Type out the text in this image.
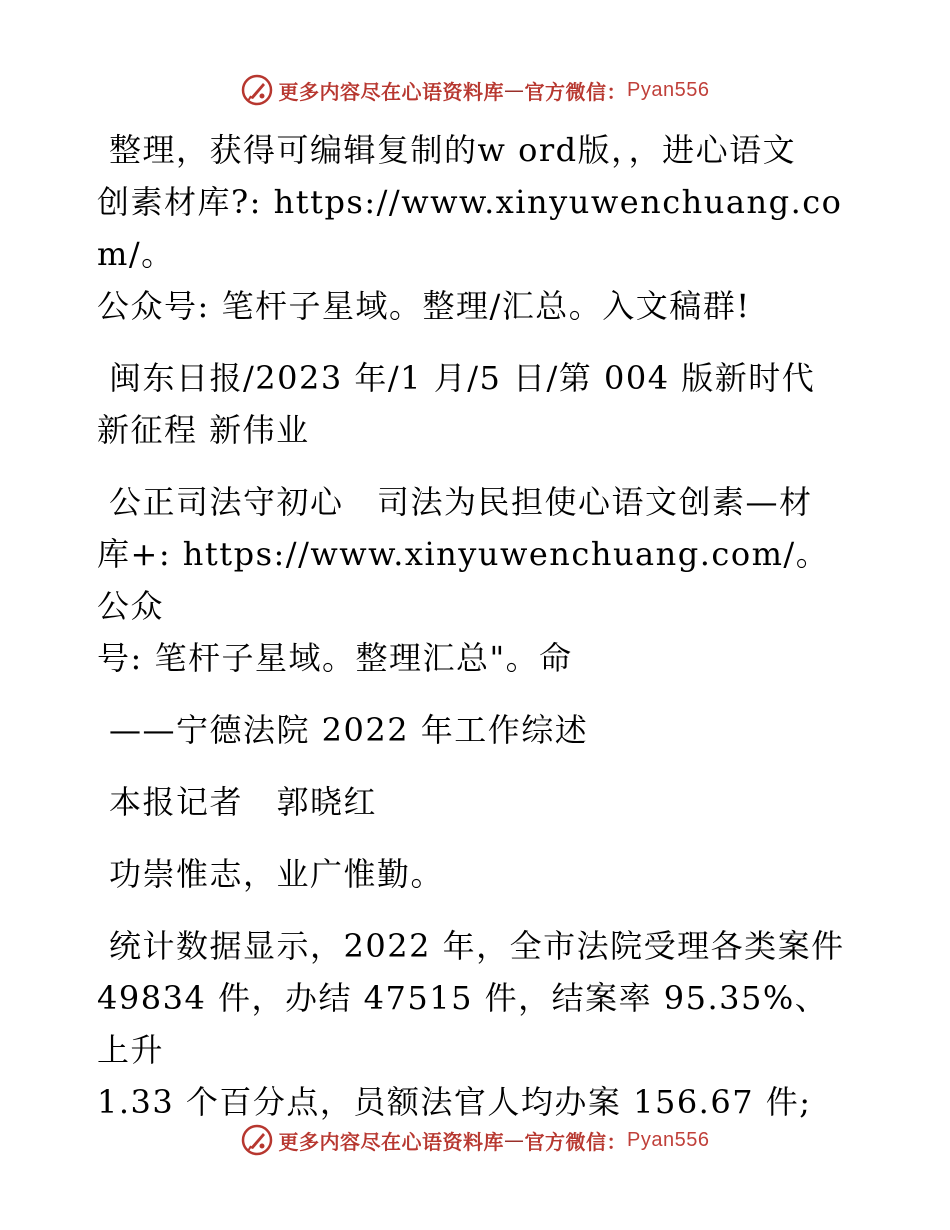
更多内容尽在心语资料库 — 官方微信： Pyan556

整理，获得可编辑复制的w ord版，，进心语文
创素材库?: https://www.xinyuwenchuang.com/。
公众号: 笔杆子星域。整理/汇总。入文稿群!

闽东日报/2023 年/1 月/5 日/第 004 版新时代
新征程 新伟业

公正司法守初心　司法为民担使心语文创素—材
库+: https://www.xinyuwenchuang.com/。公众
号: 笔杆子星域。整理汇总"。命

——宁德法院 2022 年工作综述

本报记者　郭晓红

功崇惟志，业广惟勤。

统计数据显示，2022 年，全市法院受理各类案件
49834 件，办结 47515 件，结案率 95.35%、上升
1.33 个百分点，员额法官人均办案 156.67 件;

更多内容尽在心语资料库 — 官方微信： Pyan556
